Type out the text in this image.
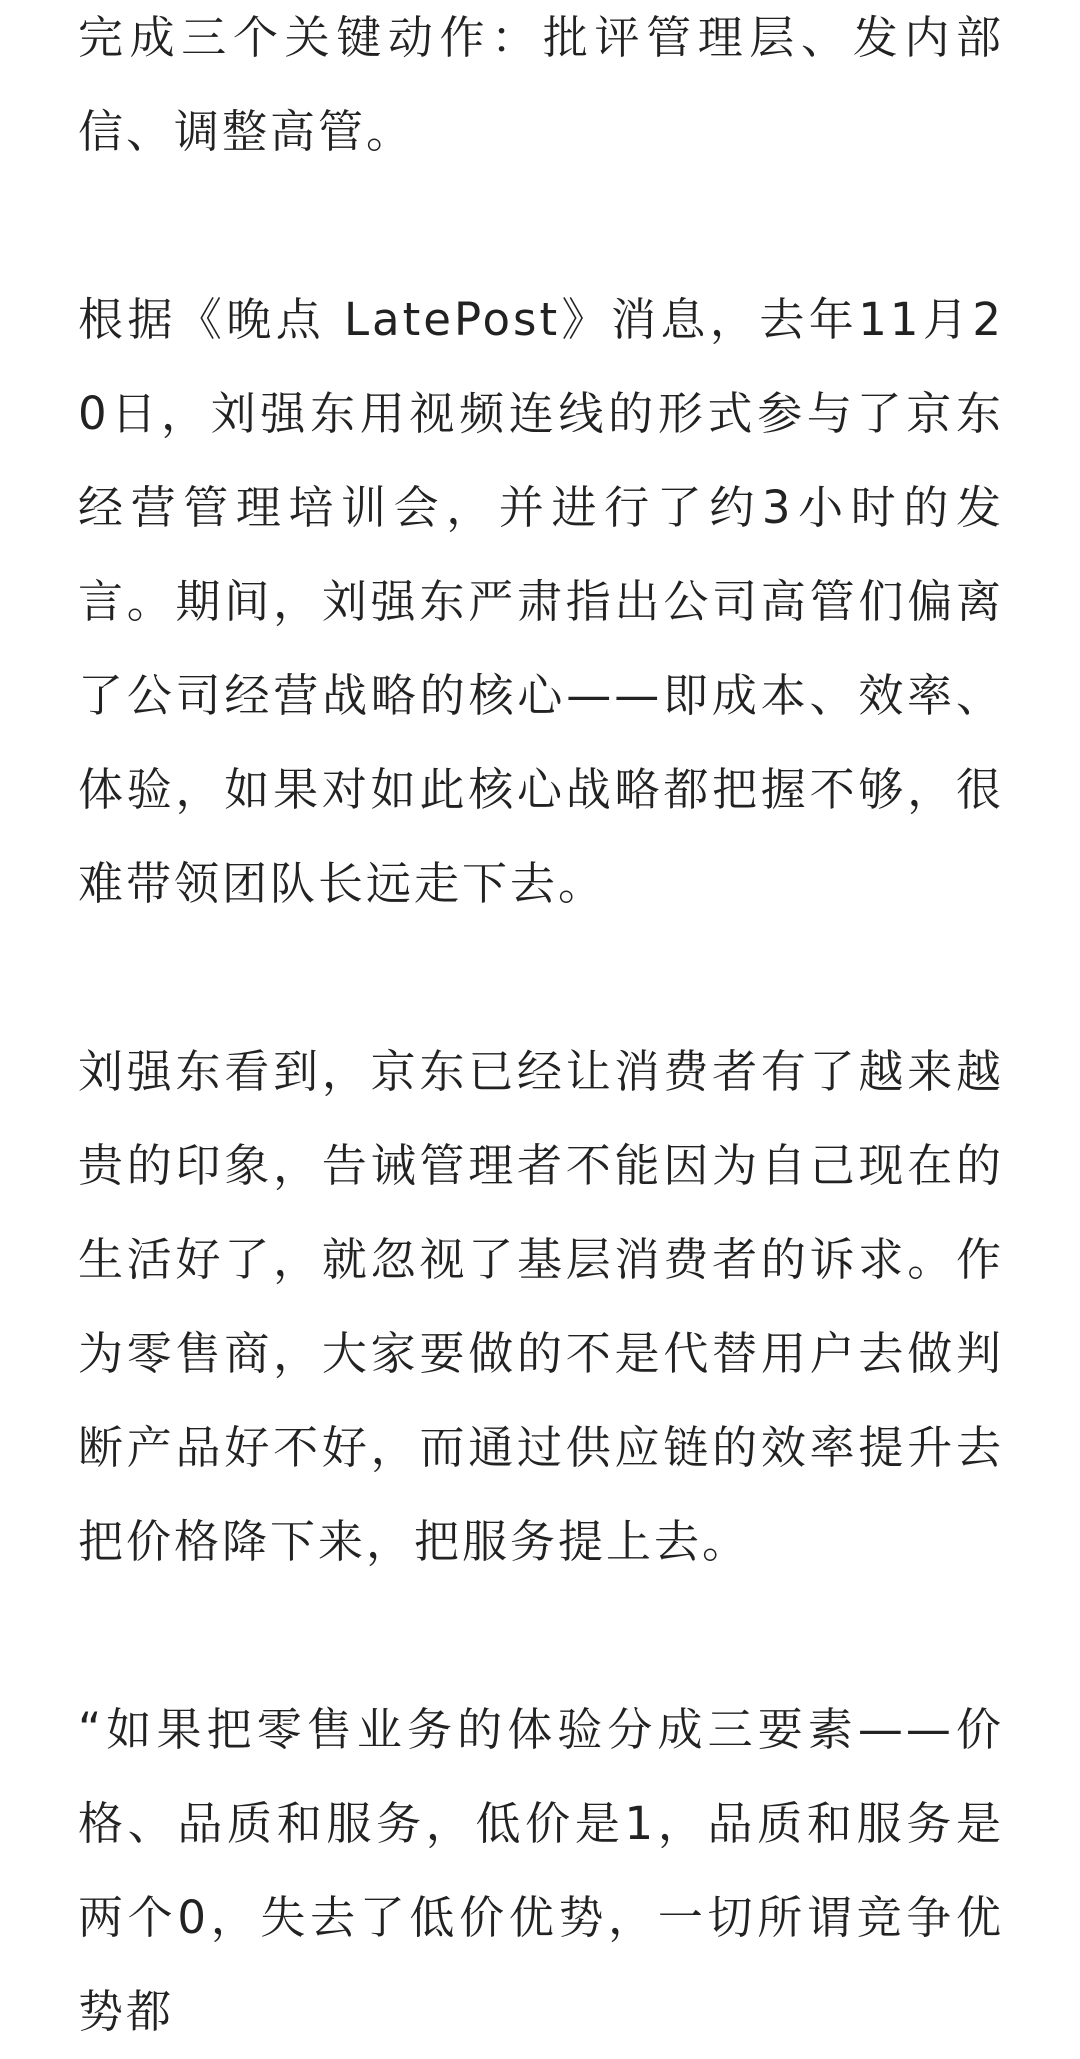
完成三个关键动作：批评管理层、发内部信、调整高管。

根据《晚点 LatePost》消息，去年11月20日，刘强东用视频连线的形式参与了京东经营管理培训会，并进行了约3小时的发言。期间，刘强东严肃指出公司高管们偏离了公司经营战略的核心——即成本、效率、体验，如果对如此核心战略都把握不够，很难带领团队长远走下去。

刘强东看到，京东已经让消费者有了越来越贵的印象，告诫管理者不能因为自己现在的生活好了，就忽视了基层消费者的诉求。作为零售商，大家要做的不是代替用户去做判断产品好不好，而通过供应链的效率提升去把价格降下来，把服务提上去。

“如果把零售业务的体验分成三要素——价格、品质和服务，低价是1，品质和服务是两个0，失去了低价优势，一切所谓竞争优势都
